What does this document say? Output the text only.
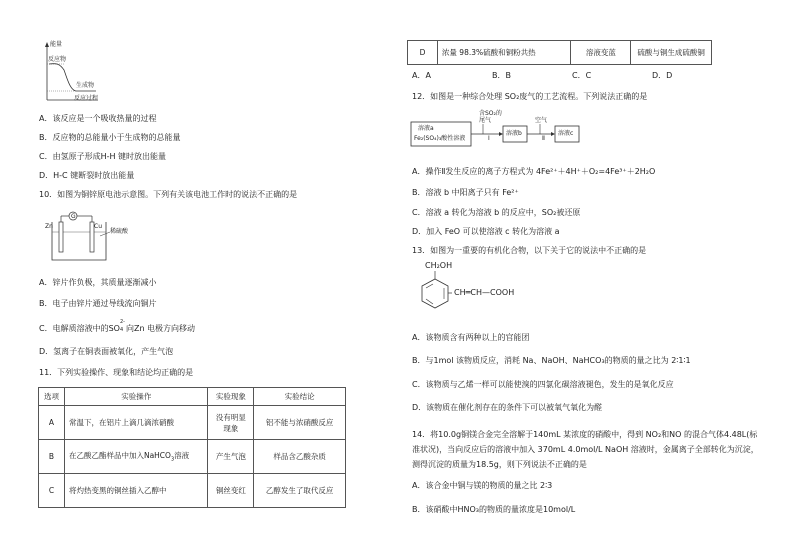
能量
反应物
生成物
反应过程
A．该反应是一个吸收热量的过程
B．反应物的总能量小于生成物的总能量
C．由氢原子形成H-H 键时放出能量
D．H-C 键断裂时放出能量
10．如图为铜锌原电池示意图。下列有关该电池工作时的说法不正确的是
Zn
G
Cu
稀硫酸
A．锌片作负极，其质量逐渐减小
B．电子由锌片通过导线流向铜片
C．电解质溶液中的SO
2-
4 向Zn 电极方向移动
D．氢离子在铜表面被氧化，产生气泡
11．下列实验操作、现象和结论均正确的是
选项	实验操作	实验现象	实验结论
A	常温下，在铝片上滴几滴浓硝酸	没有明显现象	铝不能与浓硝酸反应
B	在乙酸乙酯样品中加入NaHCO$_3$溶液	产生气泡	样品含乙酸杂质
C	将灼热变黑的铜丝插入乙醇中	铜丝变红	乙醇发生了取代反应
D	浓量 98.3%硫酸和铜粉共热	溶液变蓝	硫酸与铜生成硫酸铜
A．A	B．B	C．C	D．D
12．如图是一种综合处理 SO₂废气的工艺流程。下列说法正确的是
溶液a
Fe₂(SO₄)₃酸性溶液
含SO₂的
尾气
Ⅰ
溶液b
空气
Ⅱ
溶液c
A．操作Ⅱ发生反应的离子方程式为 4Fe²⁺＋4H⁺＋O₂=4Fe³⁺＋2H₂O
B．溶液 b 中阳离子只有 Fe²⁺
C．溶液 a 转化为溶液 b 的反应中，SO₂被还原
D．加入 FeO 可以使溶液 c 转化为溶液 a
13．如图为一重要的有机化合物，以下关于它的说法中不正确的是
CH₂OH
CH═CH—COOH
A．该物质含有两种以上的官能团
B．与1mol 该物质反应，消耗 Na、NaOH、NaHCO₃的物质的量之比为 2∶1∶1
C．该物质与乙烯一样可以能使溴的四氯化碳溶液褪色，发生的是氧化反应
D．该物质在催化剂存在的条件下可以被氧气氧化为醛
14．将10.0g铜镁合金完全溶解于140mL 某浓度的硝酸中，得到 NO₂和NO 的混合气体4.48L(标
准状况)，当向反应后的溶液中加入 370mL 4.0mol/L NaOH 溶液时，金属离子全部转化为沉淀，
测得沉淀的质量为18.5g，则下列说法不正确的是
A．该合金中铜与镁的物质的量之比 2∶3
B．该硝酸中HNO₃的物质的量浓度是10mol/L
